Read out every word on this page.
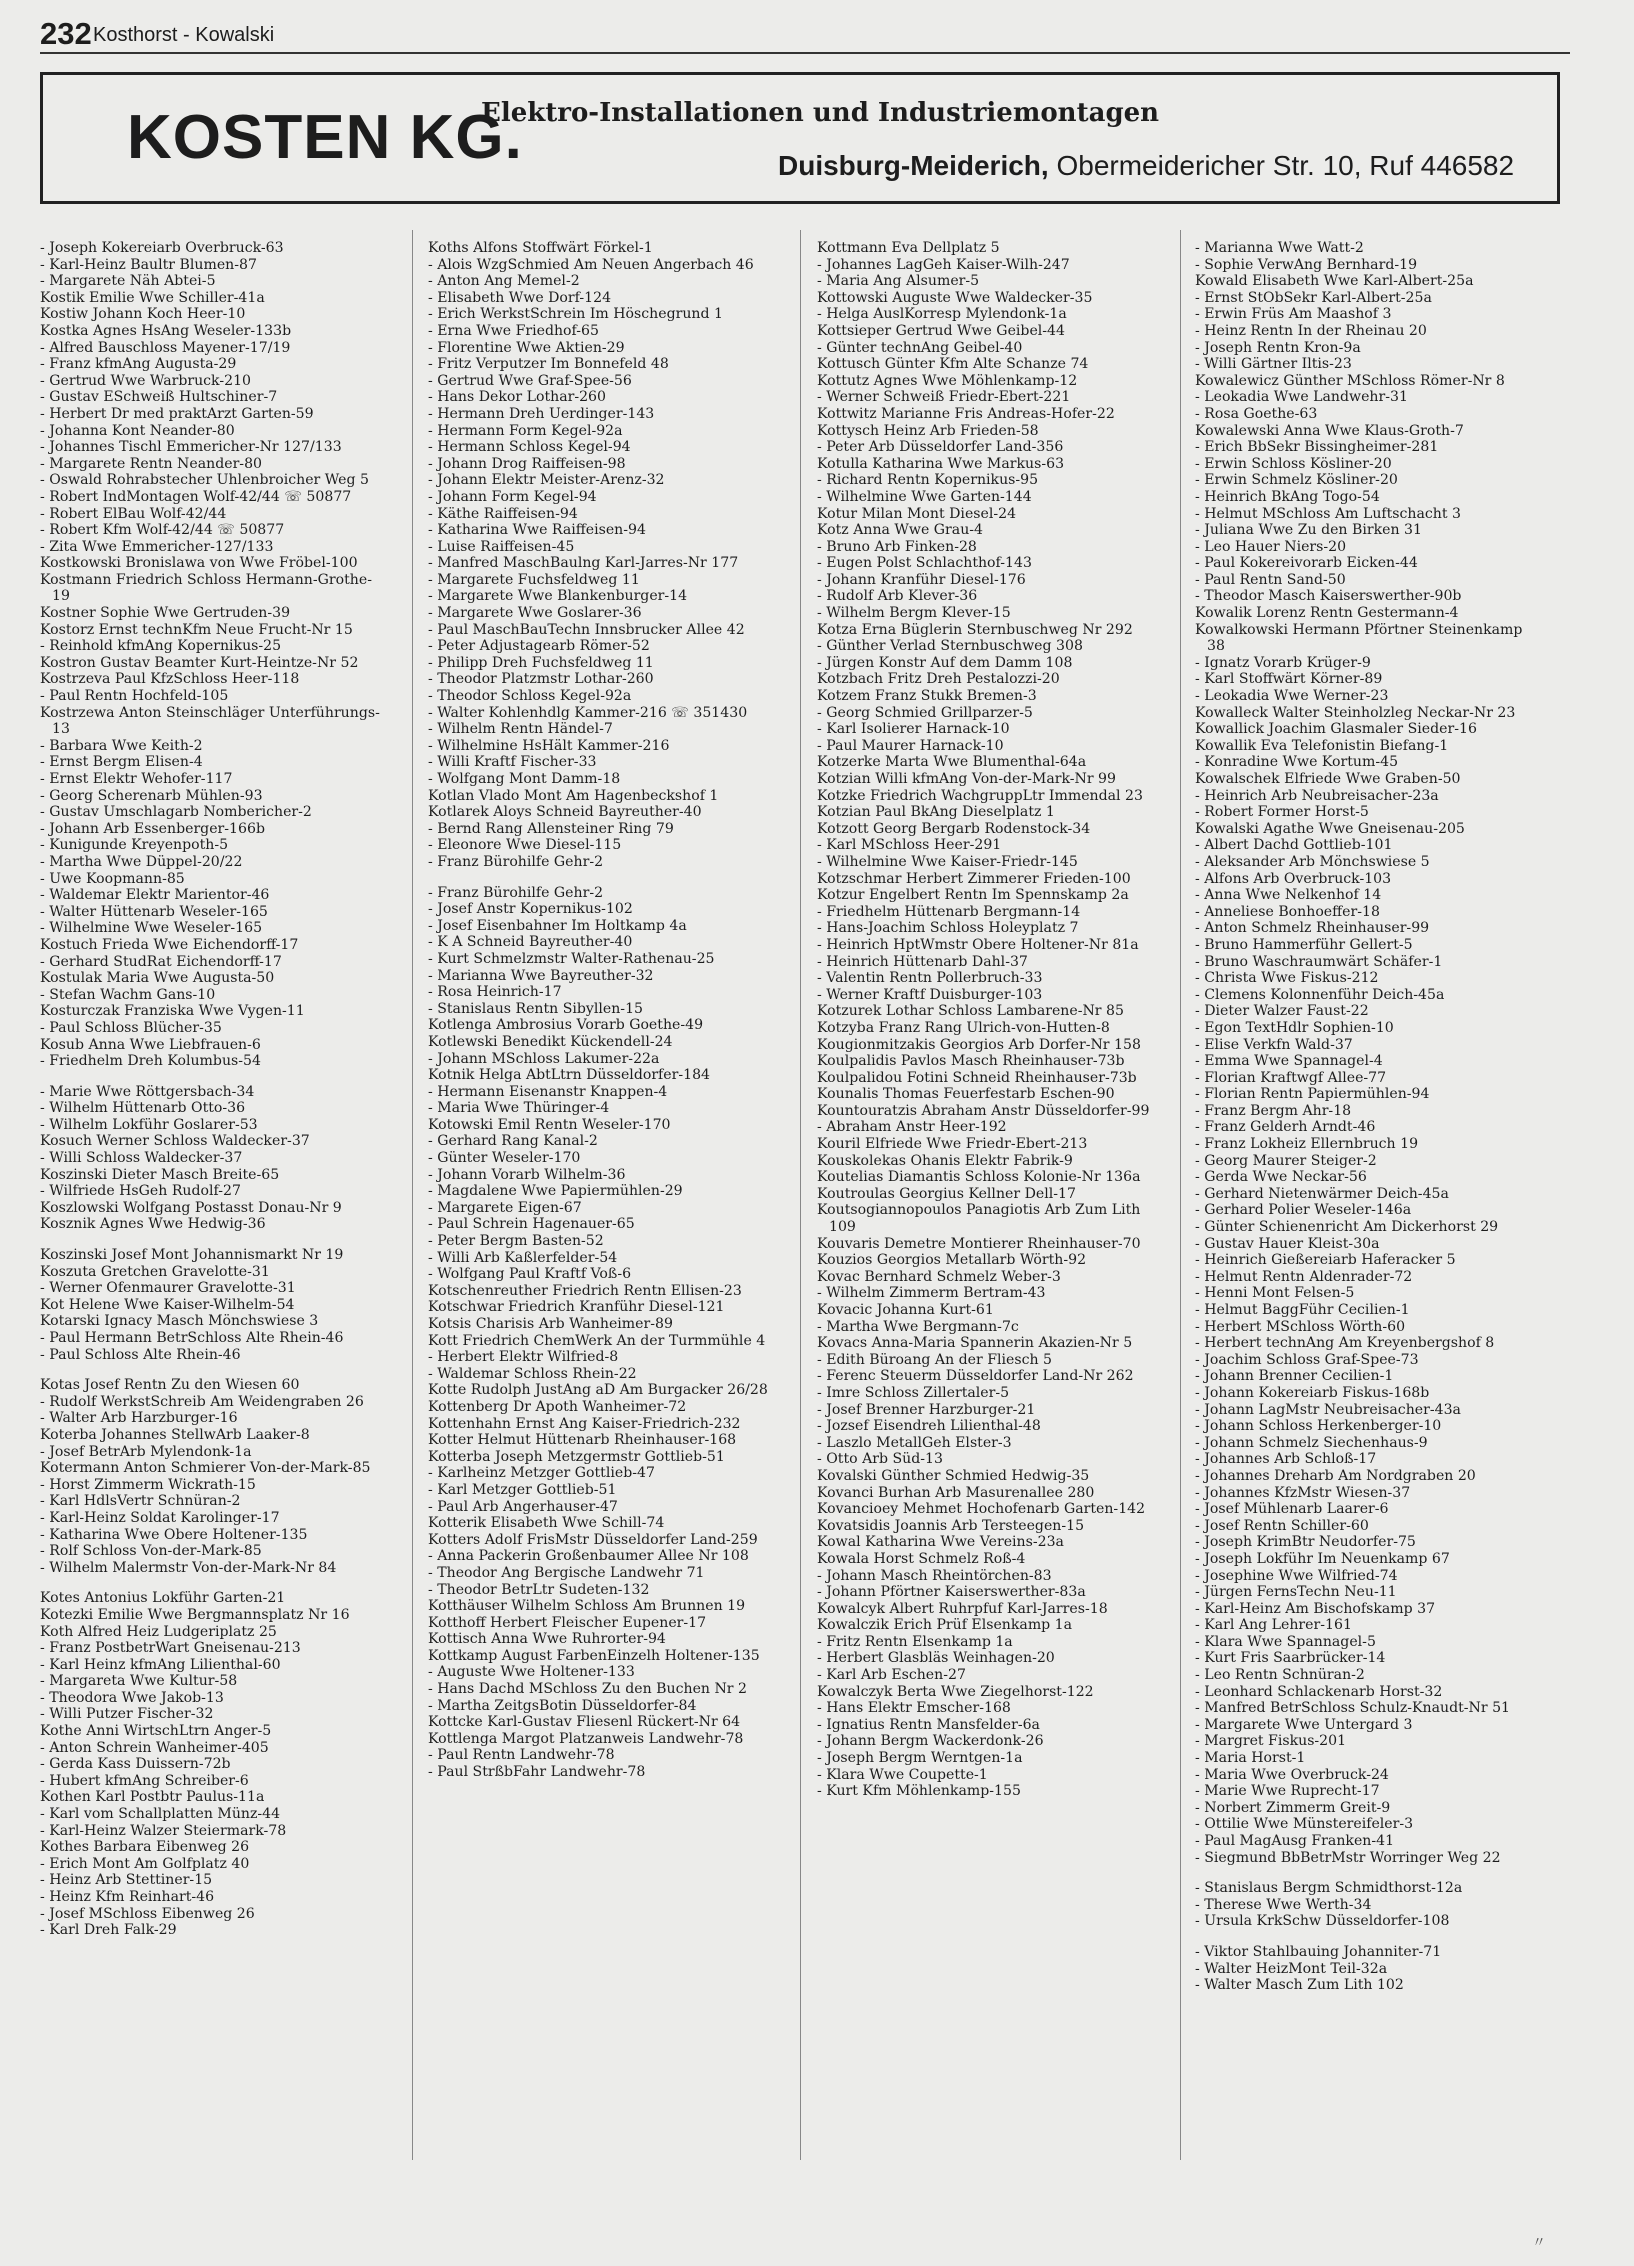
232 Kosthorst - Kowalski
KOSTEN KG.
Elektro-Installationen und Industriemontagen
Duisburg-Meiderich, Obermeidericher Str. 10, Ruf 446582
- Joseph Kokereiarb Overbruck-63
- Karl-Heinz Baultr Blumen-87
- Margarete Näh Abtei-5
Kostik Emilie Wwe Schiller-41a
Kostiw Johann Koch Heer-10
Kostka Agnes HsAng Weseler-133b
- Alfred Bauschloss Mayener-17/19
- Franz kfmAng Augusta-29
- Gertrud Wwe Warbruck-210
- Gustav ESchweiß Hultschiner-7
- Herbert Dr med praktArzt Garten-59
- Johanna Kont Neander-80
- Johannes Tischl Emmericher-Nr 127/133
- Margarete Rentn Neander-80
- Oswald Rohrabstecher Uhlenbroicher Weg 5
- Robert IndMontagen Wolf-42/44 ☏ 50877
- Robert ElBau Wolf-42/44
- Robert Kfm Wolf-42/44 ☏ 50877
- Zita Wwe Emmericher-127/133
Kostkowski Bronislawa von Wwe Fröbel-100
Kostmann Friedrich Schloss Hermann-Grothe-19
Kostner Sophie Wwe Gertruden-39
Kostorz Ernst technKfm Neue Frucht-Nr 15
- Reinhold kfmAng Kopernikus-25
Kostron Gustav Beamter Kurt-Heintze-Nr 52
Kostrzeva Paul KfzSchloss Heer-118
- Paul Rentn Hochfeld-105
Kostrzewa Anton Steinschläger Unterführungs-13
- Barbara Wwe Keith-2
- Ernst Bergm Elisen-4
- Ernst Elektr Wehofer-117
- Georg Scherenarb Mühlen-93
- Gustav Umschlagarb Nombericher-2
- Johann Arb Essenberger-166b
- Kunigunde Kreyenpoth-5
- Martha Wwe Düppel-20/22
- Uwe Koopmann-85
- Waldemar Elektr Marientor-46
- Walter Hüttenarb Weseler-165
- Wilhelmine Wwe Weseler-165
Kostuch Frieda Wwe Eichendorff-17
- Gerhard StudRat Eichendorff-17
Kostulak Maria Wwe Augusta-50
- Stefan Wachm Gans-10
Kosturczak Franziska Wwe Vygen-11
- Paul Schloss Blücher-35
Kosub Anna Wwe Liebfrauen-6
- Friedhelm Dreh Kolumbus-54
- Marie Wwe Röttgersbach-34
- Wilhelm Hüttenarb Otto-36
- Wilhelm Lokführ Goslarer-53
Kosuch Werner Schloss Waldecker-37
- Willi Schloss Waldecker-37
Koszinski Dieter Masch Breite-65
- Wilfriede HsGeh Rudolf-27
Koszlowski Wolfgang Postasst Donau-Nr 9
Kosznik Agnes Wwe Hedwig-36
Koszinski Josef Mont Johannismarkt Nr 19
Koszuta Gretchen Gravelotte-31
- Werner Ofenmaurer Gravelotte-31
Kot Helene Wwe Kaiser-Wilhelm-54
Kotarski Ignacy Masch Mönchswiese 3
- Paul Hermann BetrSchloss Alte Rhein-46
- Paul Schloss Alte Rhein-46
Kotas Josef Rentn Zu den Wiesen 60
- Rudolf WerkstSchreib Am Weidengraben 26
- Walter Arb Harzburger-16
Koterba Johannes StellwArb Laaker-8
- Josef BetrArb Mylendonk-1a
Kotermann Anton Schmierer Von-der-Mark-85
- Horst Zimmerm Wickrath-15
- Karl HdlsVertr Schnüran-2
- Karl-Heinz Soldat Karolinger-17
- Katharina Wwe Obere Holtener-135
- Rolf Schloss Von-der-Mark-85
- Wilhelm Malermstr Von-der-Mark-Nr 84
Kotes Antonius Lokführ Garten-21
Kotezki Emilie Wwe Bergmannsplatz Nr 16
Koth Alfred Heiz Ludgeriplatz 25
- Franz PostbetrWart Gneisenau-213
- Karl Heinz kfmAng Lilienthal-60
- Margareta Wwe Kultur-58
- Theodora Wwe Jakob-13
- Willi Putzer Fischer-32
Kothe Anni WirtschLtrn Anger-5
- Anton Schrein Wanheimer-405
- Gerda Kass Duissern-72b
- Hubert kfmAng Schreiber-6
Kothen Karl Postbtr Paulus-11a
- Karl vom Schallplatten Münz-44
- Karl-Heinz Walzer Steiermark-78
Kothes Barbara Eibenweg 26
- Erich Mont Am Golfplatz 40
- Heinz Arb Stettiner-15
- Heinz Kfm Reinhart-46
- Josef MSchloss Eibenweg 26
- Karl Dreh Falk-29
Koths Alfons Stoffwärt Förkel-1
- Alois WzgSchmied Am Neuen Angerbach 46
- Anton Ang Memel-2
- Elisabeth Wwe Dorf-124
- Erich WerkstSchrein Im Höschegrund 1
- Erna Wwe Friedhof-65
- Florentine Wwe Aktien-29
- Fritz Verputzer Im Bonnefeld 48
- Gertrud Wwe Graf-Spee-56
- Hans Dekor Lothar-260
- Hermann Dreh Uerdinger-143
- Hermann Form Kegel-92a
- Hermann Schloss Kegel-94
- Johann Drog Raiffeisen-98
- Johann Elektr Meister-Arenz-32
- Johann Form Kegel-94
- Käthe Raiffeisen-94
- Katharina Wwe Raiffeisen-94
- Luise Raiffeisen-45
- Manfred MaschBaulng Karl-Jarres-Nr 177
- Margarete Fuchsfeldweg 11
- Margarete Wwe Blankenburger-14
- Margarete Wwe Goslarer-36
- Paul MaschBauTechn Innsbrucker Allee 42
- Peter Adjustagearb Römer-52
- Philipp Dreh Fuchsfeldweg 11
- Theodor Platzmstr Lothar-260
- Theodor Schloss Kegel-92a
- Walter Kohlenhdlg Kammer-216 ☏ 351430
- Wilhelm Rentn Händel-7
- Wilhelmine HsHält Kammer-216
- Willi Kraftf Fischer-33
- Wolfgang Mont Damm-18
Kotlan Vlado Mont Am Hagenbeckshof 1
Kotlarek Aloys Schneid Bayreuther-40
- Bernd Rang Allensteiner Ring 79
- Eleonore Wwe Diesel-115
- Franz Bürohilfe Gehr-2
- Franz Bürohilfe Gehr-2
- Josef Anstr Kopernikus-102
- Josef Eisenbahner Im Holtkamp 4a
- K A Schneid Bayreuther-40
- Kurt Schmelzmstr Walter-Rathenau-25
- Marianna Wwe Bayreuther-32
- Rosa Heinrich-17
- Stanislaus Rentn Sibyllen-15
Kotlenga Ambrosius Vorarb Goethe-49
Kotlewski Benedikt Kückendell-24
- Johann MSchloss Lakumer-22a
Kotnik Helga AbtLtrn Düsseldorfer-184
- Hermann Eisenanstr Knappen-4
- Maria Wwe Thüringer-4
Kotowski Emil Rentn Weseler-170
- Gerhard Rang Kanal-2
- Günter Weseler-170
- Johann Vorarb Wilhelm-36
- Magdalene Wwe Papiermühlen-29
- Margarete Eigen-67
- Paul Schrein Hagenauer-65
- Peter Bergm Basten-52
- Willi Arb Kaßlerfelder-54
- Wolfgang Paul Kraftf Voß-6
Kotschenreuther Friedrich Rentn Ellisen-23
Kotschwar Friedrich Kranführ Diesel-121
Kotsis Charisis Arb Wanheimer-89
Kott Friedrich ChemWerk An der Turmmühle 4
- Herbert Elektr Wilfried-8
- Waldemar Schloss Rhein-22
Kotte Rudolph JustAng aD Am Burgacker 26/28
Kottenberg Dr Apoth Wanheimer-72
Kottenhahn Ernst Ang Kaiser-Friedrich-232
Kotter Helmut Hüttenarb Rheinhauser-168
Kotterba Joseph Metzgermstr Gottlieb-51
- Karlheinz Metzger Gottlieb-47
- Karl Metzger Gottlieb-51
- Paul Arb Angerhauser-47
Kotterik Elisabeth Wwe Schill-74
Kotters Adolf FrisMstr Düsseldorfer Land-259
- Anna Packerin Großenbaumer Allee Nr 108
- Theodor Ang Bergische Landwehr 71
- Theodor BetrLtr Sudeten-132
Kotthäuser Wilhelm Schloss Am Brunnen 19
Kotthoff Herbert Fleischer Eupener-17
Kottisch Anna Wwe Ruhrorter-94
Kottkamp August FarbenEinzelh Holtener-135
- Auguste Wwe Holtener-133
- Hans Dachd MSchloss Zu den Buchen Nr 2
- Martha ZeitgsBotin Düsseldorfer-84
Kottcke Karl-Gustav Fliesenl Rückert-Nr 64
Kottlenga Margot Platzanweis Landwehr-78
- Paul Rentn Landwehr-78
- Paul StrßbFahr Landwehr-78
Kottmann Eva Dellplatz 5
- Johannes LagGeh Kaiser-Wilh-247
- Maria Ang Alsumer-5
Kottowski Auguste Wwe Waldecker-35
- Helga AuslKorresp Mylendonk-1a
Kottsieper Gertrud Wwe Geibel-44
- Günter technAng Geibel-40
Kottusch Günter Kfm Alte Schanze 74
Kottutz Agnes Wwe Möhlenkamp-12
- Werner Schweiß Friedr-Ebert-221
Kottwitz Marianne Fris Andreas-Hofer-22
Kottysch Heinz Arb Frieden-58
- Peter Arb Düsseldorfer Land-356
Kotulla Katharina Wwe Markus-63
- Richard Rentn Kopernikus-95
- Wilhelmine Wwe Garten-144
Kotur Milan Mont Diesel-24
Kotz Anna Wwe Grau-4
- Bruno Arb Finken-28
- Eugen Polst Schlachthof-143
- Johann Kranführ Diesel-176
- Rudolf Arb Klever-36
- Wilhelm Bergm Klever-15
Kotza Erna Büglerin Sternbuschweg Nr 292
- Günther Verlad Sternbuschweg 308
- Jürgen Konstr Auf dem Damm 108
Kotzbach Fritz Dreh Pestalozzi-20
Kotzem Franz Stukk Bremen-3
- Georg Schmied Grillparzer-5
- Karl Isolierer Harnack-10
- Paul Maurer Harnack-10
Kotzerke Marta Wwe Blumenthal-64a
Kotzian Willi kfmAng Von-der-Mark-Nr 99
Kotzke Friedrich WachgruppLtr Immendal 23
Kotzian Paul BkAng Dieselplatz 1
Kotzott Georg Bergarb Rodenstock-34
- Karl MSchloss Heer-291
- Wilhelmine Wwe Kaiser-Friedr-145
Kotzschmar Herbert Zimmerer Frieden-100
Kotzur Engelbert Rentn Im Spennskamp 2a
- Friedhelm Hüttenarb Bergmann-14
- Hans-Joachim Schloss Holeyplatz 7
- Heinrich HptWmstr Obere Holtener-Nr 81a
- Heinrich Hüttenarb Dahl-37
- Valentin Rentn Pollerbruch-33
- Werner Kraftf Duisburger-103
Kotzurek Lothar Schloss Lambarene-Nr 85
Kotzyba Franz Rang Ulrich-von-Hutten-8
Kougionmitzakis Georgios Arb Dorfer-Nr 158
Koulpalidis Pavlos Masch Rheinhauser-73b
Koulpalidou Fotini Schneid Rheinhauser-73b
Kounalis Thomas Feuerfestarb Eschen-90
Kountouratzis Abraham Anstr Düsseldorfer-99
- Abraham Anstr Heer-192
Kouril Elfriede Wwe Friedr-Ebert-213
Kouskolekas Ohanis Elektr Fabrik-9
Koutelias Diamantis Schloss Kolonie-Nr 136a
Koutroulas Georgius Kellner Dell-17
Koutsogiannopoulos Panagiotis Arb Zum Lith 109
Kouvaris Demetre Montierer Rheinhauser-70
Kouzios Georgios Metallarb Wörth-92
Kovac Bernhard Schmelz Weber-3
- Wilhelm Zimmerm Bertram-43
Kovacic Johanna Kurt-61
- Martha Wwe Bergmann-7c
Kovacs Anna-Maria Spannerin Akazien-Nr 5
- Edith Büroang An der Fliesch 5
- Ferenc Steuerm Düsseldorfer Land-Nr 262
- Imre Schloss Zillertaler-5
- Josef Brenner Harzburger-21
- Jozsef Eisendreh Lilienthal-48
- Laszlo MetallGeh Elster-3
- Otto Arb Süd-13
Kovalski Günther Schmied Hedwig-35
Kovanci Burhan Arb Masurenallee 280
Kovancioey Mehmet Hochofenarb Garten-142
Kovatsidis Joannis Arb Tersteegen-15
Kowal Katharina Wwe Vereins-23a
Kowala Horst Schmelz Roß-4
- Johann Masch Rheintörchen-83
- Johann Pförtner Kaiserswerther-83a
Kowalcyk Albert Ruhrpfuf Karl-Jarres-18
Kowalczik Erich Prüf Elsenkamp 1a
- Fritz Rentn Elsenkamp 1a
- Herbert Glasbläs Weinhagen-20
- Karl Arb Eschen-27
Kowalczyk Berta Wwe Ziegelhorst-122
- Hans Elektr Emscher-168
- Ignatius Rentn Mansfelder-6a
- Johann Bergm Wackerdonk-26
- Joseph Bergm Werntgen-1a
- Klara Wwe Coupette-1
- Kurt Kfm Möhlenkamp-155
- Marianna Wwe Watt-2
- Sophie VerwAng Bernhard-19
Kowald Elisabeth Wwe Karl-Albert-25a
- Ernst StObSekr Karl-Albert-25a
- Erwin Früs Am Maashof 3
- Heinz Rentn In der Rheinau 20
- Joseph Rentn Kron-9a
- Willi Gärtner Iltis-23
Kowalewicz Günther MSchloss Römer-Nr 8
- Leokadia Wwe Landwehr-31
- Rosa Goethe-63
Kowalewski Anna Wwe Klaus-Groth-7
- Erich BbSekr Bissingheimer-281
- Erwin Schloss Kösliner-20
- Erwin Schmelz Kösliner-20
- Heinrich BkAng Togo-54
- Helmut MSchloss Am Luftschacht 3
- Juliana Wwe Zu den Birken 31
- Leo Hauer Niers-20
- Paul Kokereivorarb Eicken-44
- Paul Rentn Sand-50
- Theodor Masch Kaiserswerther-90b
Kowalik Lorenz Rentn Gestermann-4
Kowalkowski Hermann Pförtner Steinenkamp 38
- Ignatz Vorarb Krüger-9
- Karl Stoffwärt Körner-89
- Leokadia Wwe Werner-23
Kowalleck Walter Steinholzleg Neckar-Nr 23
Kowallick Joachim Glasmaler Sieder-16
Kowallik Eva Telefonistin Biefang-1
- Konradine Wwe Kortum-45
Kowalschek Elfriede Wwe Graben-50
- Heinrich Arb Neubreisacher-23a
- Robert Former Horst-5
Kowalski Agathe Wwe Gneisenau-205
- Albert Dachd Gottlieb-101
- Aleksander Arb Mönchswiese 5
- Alfons Arb Overbruck-103
- Anna Wwe Nelkenhof 14
- Anneliese Bonhoeffer-18
- Anton Schmelz Rheinhauser-99
- Bruno Hammerführ Gellert-5
- Bruno Waschraumwärt Schäfer-1
- Christa Wwe Fiskus-212
- Clemens Kolonnenführ Deich-45a
- Dieter Walzer Faust-22
- Egon TextHdlr Sophien-10
- Elise Verkfn Wald-37
- Emma Wwe Spannagel-4
- Florian Kraftwgf Allee-77
- Florian Rentn Papiermühlen-94
- Franz Bergm Ahr-18
- Franz Gelderh Arndt-46
- Franz Lokheiz Ellernbruch 19
- Georg Maurer Steiger-2
- Gerda Wwe Neckar-56
- Gerhard Nietenwärmer Deich-45a
- Gerhard Polier Weseler-146a
- Günter Schienenricht Am Dickerhorst 29
- Gustav Hauer Kleist-30a
- Heinrich Gießereiarb Haferacker 5
- Helmut Rentn Aldenrader-72
- Henni Mont Felsen-5
- Helmut BaggFühr Cecilien-1
- Herbert MSchloss Wörth-60
- Herbert technAng Am Kreyenbergshof 8
- Joachim Schloss Graf-Spee-73
- Johann Brenner Cecilien-1
- Johann Kokereiarb Fiskus-168b
- Johann LagMstr Neubreisacher-43a
- Johann Schloss Herkenberger-10
- Johann Schmelz Siechenhaus-9
- Johannes Arb Schloß-17
- Johannes Dreharb Am Nordgraben 20
- Johannes KfzMstr Wiesen-37
- Josef Mühlenarb Laarer-6
- Josef Rentn Schiller-60
- Joseph KrimBtr Neudorfer-75
- Joseph Lokführ Im Neuenkamp 67
- Josephine Wwe Wilfried-74
- Jürgen FernsTechn Neu-11
- Karl-Heinz Am Bischofskamp 37
- Karl Ang Lehrer-161
- Klara Wwe Spannagel-5
- Kurt Fris Saarbrücker-14
- Leo Rentn Schnüran-2
- Leonhard Schlackenarb Horst-32
- Manfred BetrSchloss Schulz-Knaudt-Nr 51
- Margarete Wwe Untergard 3
- Margret Fiskus-201
- Maria Horst-1
- Maria Wwe Overbruck-24
- Marie Wwe Ruprecht-17
- Norbert Zimmerm Greit-9
- Ottilie Wwe Münstereifeler-3
- Paul MagAusg Franken-41
- Siegmund BbBetrMstr Worringer Weg 22
- Stanislaus Bergm Schmidthorst-12a
- Therese Wwe Werth-34
- Ursula KrkSchw Düsseldorfer-108
- Viktor Stahlbauing Johanniter-71
- Walter HeizMont Teil-32a
- Walter Masch Zum Lith 102
〃
